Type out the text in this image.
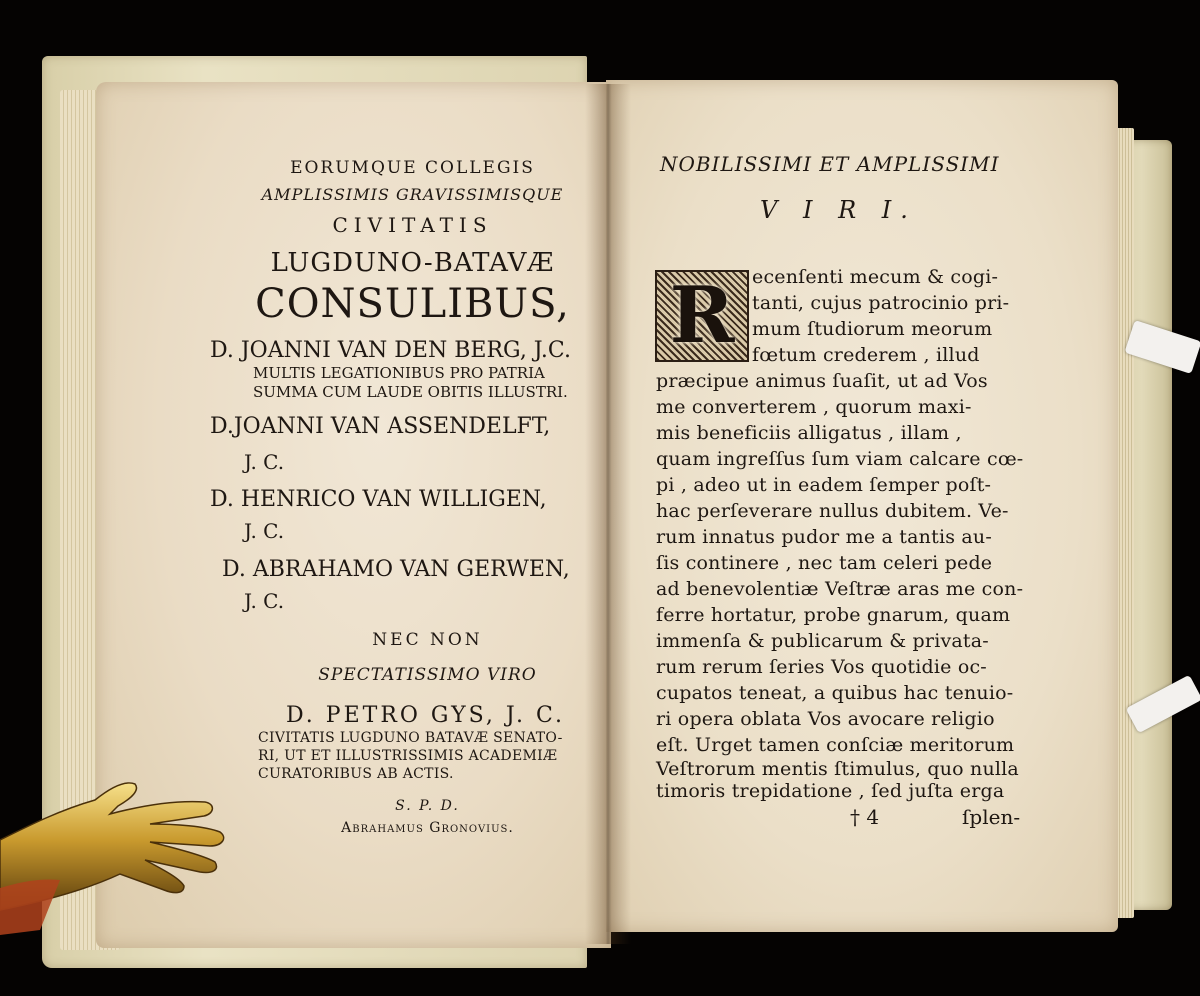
EORUMQUE COLLEGIS
AMPLISSIMIS GRAVISSIMISQUE
CIVITATIS
LUGDUNO-BATAVÆ
CONSULIBUS,
D. JOANNI VAN DEN BERG, J.C.
MULTIS LEGATIONIBUS PRO PATRIA
SUMMA CUM LAUDE OBITIS ILLUSTRI.
D.JOANNI VAN ASSENDELFT,
J. C.
D. HENRICO VAN WILLIGEN,
J. C.
D. ABRAHAMO VAN GERWEN,
J. C.
NEC NON
SPECTATISSIMO VIRO
D. PETRO GYS, J. C.
CIVITATIS LUGDUNO BATAVÆ SENATO-
RI, UT ET ILLUSTRISSIMIS ACADEMIÆ
CURATORIBUS AB ACTIS.
S. P. D.
Abrahamus Gronovius.
NOBILISSIMI ET AMPLISSIMI
V I R I.
R ecenſenti mecum & cogi-
tanti, cujus patrocinio pri-
mum ſtudiorum meorum
fœtum crederem , illud
præcipue animus ſuaſit, ut ad Vos
me converterem , quorum maxi-
mis beneficiis alligatus , illam ,
quam ingreſſus ſum viam calcare cœ-
pi , adeo ut in eadem ſemper poſt-
hac perſeverare nullus dubitem. Ve-
rum innatus pudor me a tantis au-
ſis continere , nec tam celeri pede
ad benevolentiæ Veſtræ aras me con-
ferre hortatur, probe gnarum, quam
immenſa & publicarum & privata-
rum rerum ſeries Vos quotidie oc-
cupatos teneat, a quibus hac tenuio-
ri opera oblata Vos avocare religio
eſt. Urget tamen conſciæ meritorum
Veſtrorum mentis ſtimulus, quo nulla
timoris trepidatione , ſed juſta erga
† 4	ſplen-
